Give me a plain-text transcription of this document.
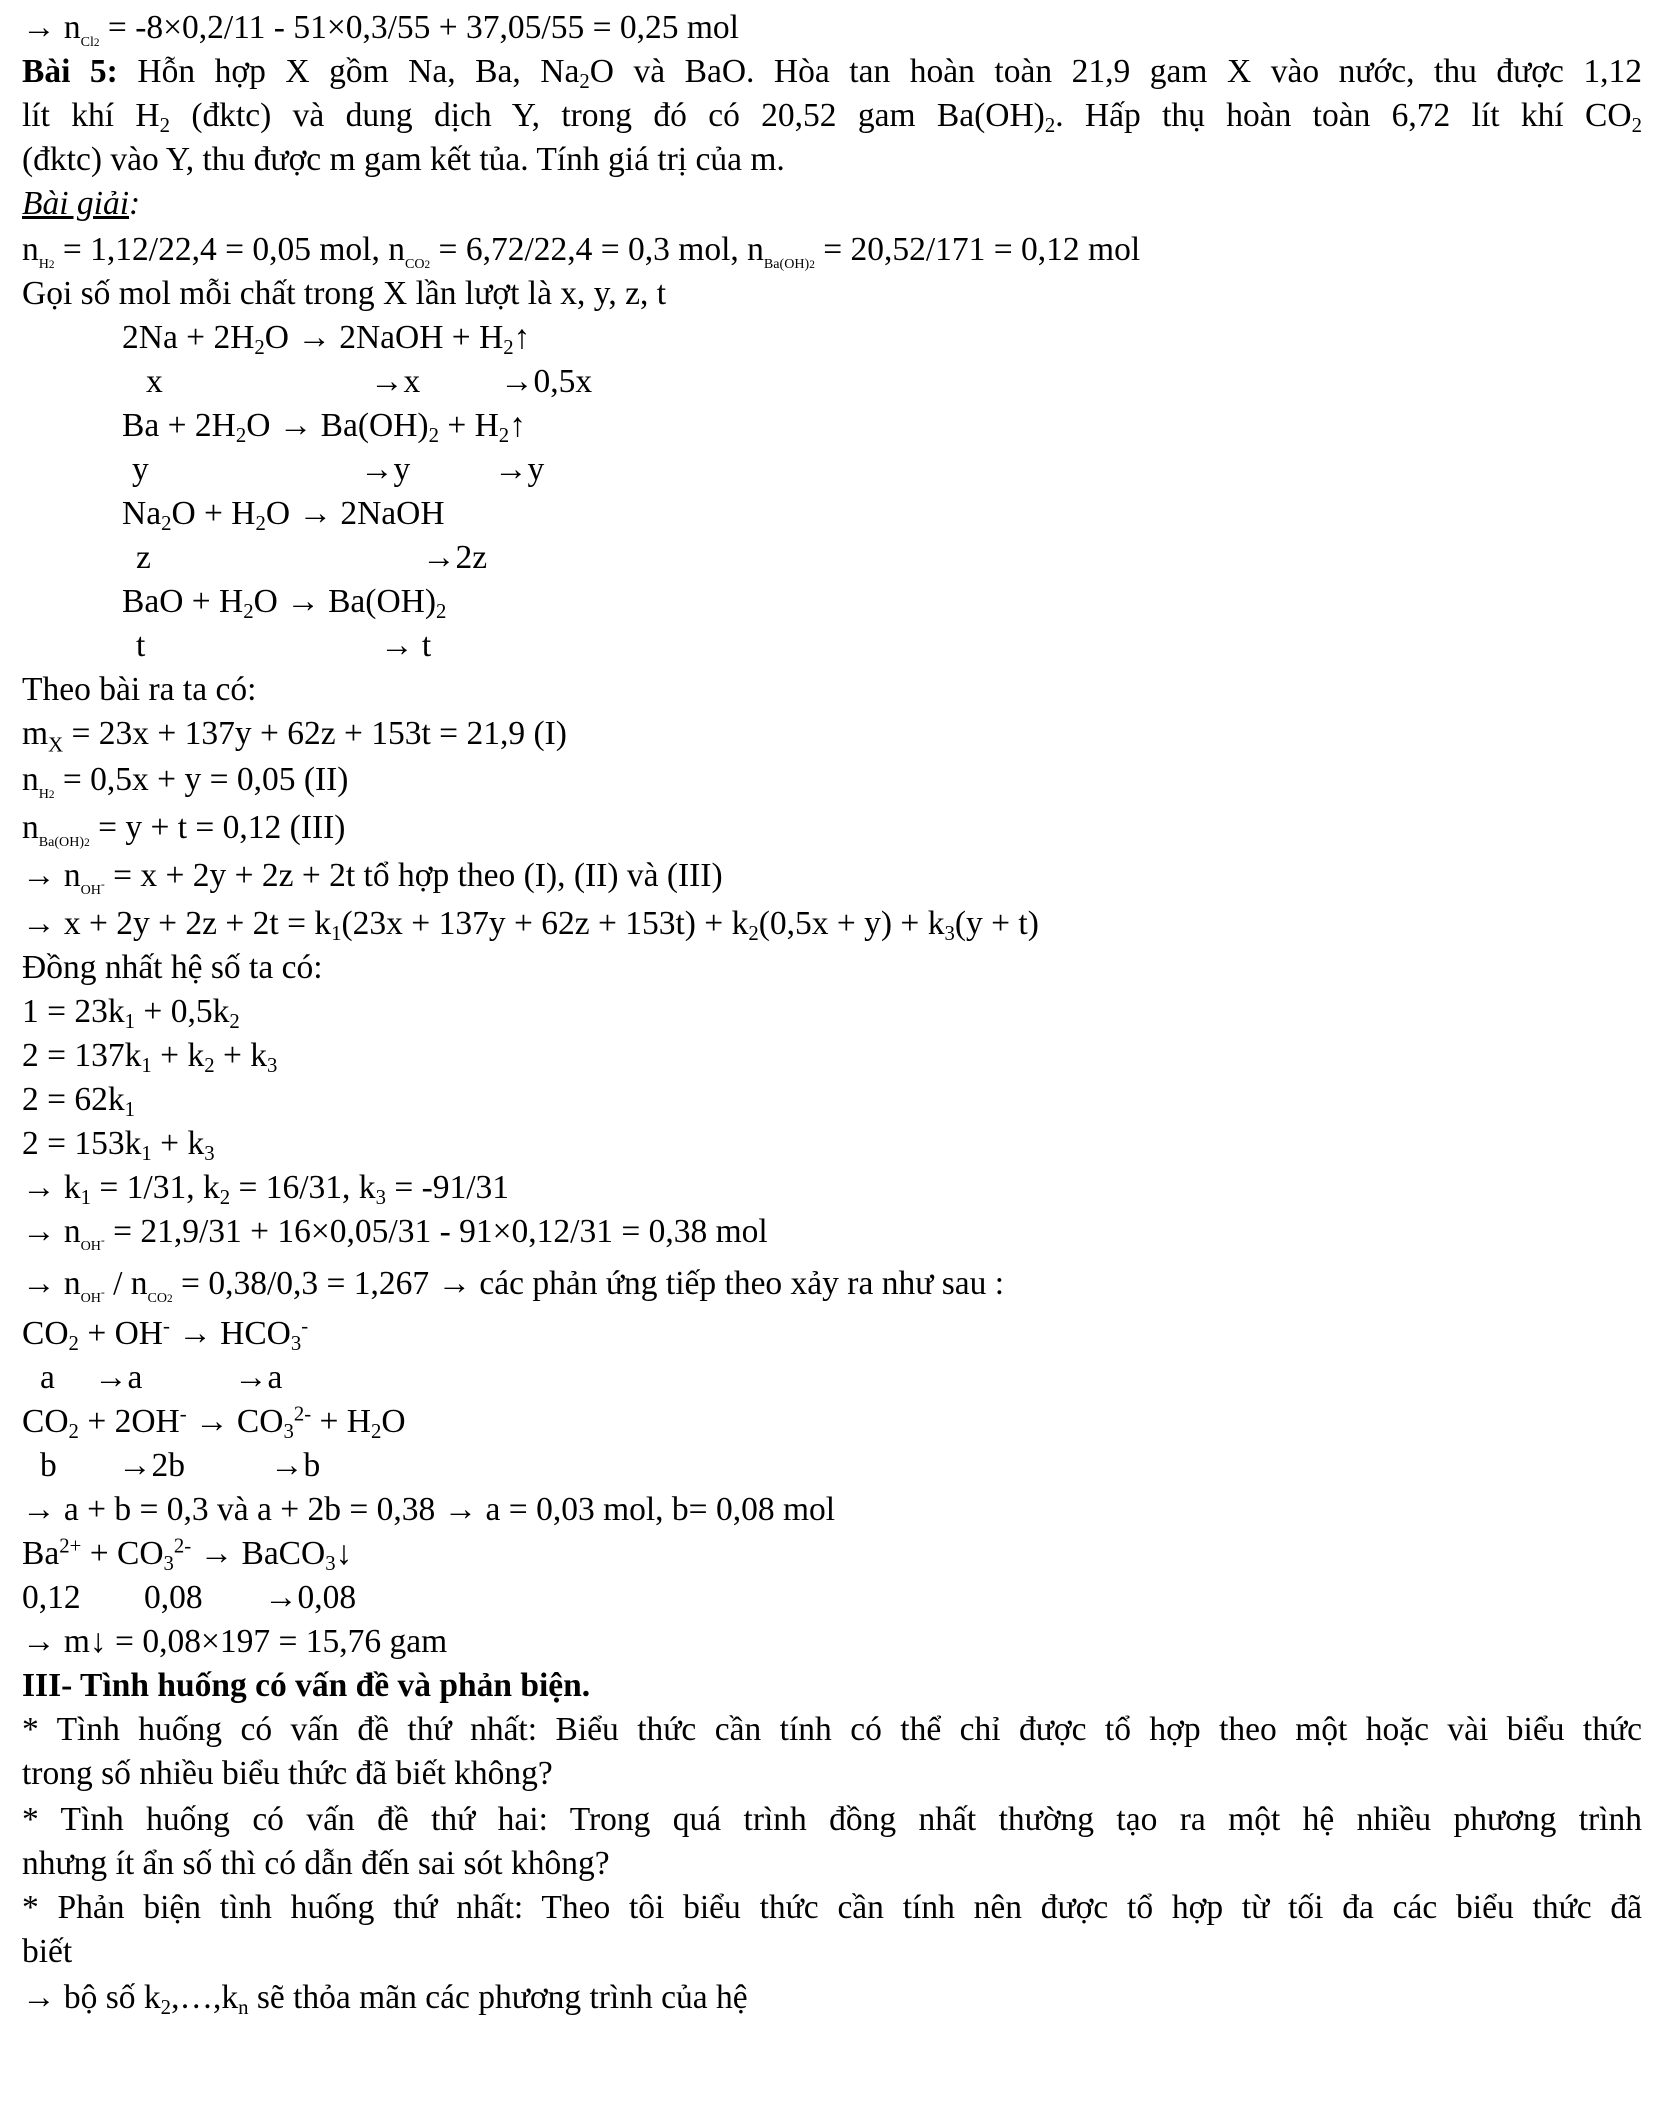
→ $n_{Cl2} = -8\times 0,2/11 - 51\times 0,3/55 + 37,05/55 = 0,25$ mol
Bài 5: Hỗn hợp X gồm Na, Ba, $Na_2O$ và BaO. Hòa tan hoàn toàn 21,9 gam X vào nước, thu được 1,12
lít khí $H_2$ (đktc) và dung dịch Y, trong đó có 20,52 gam $Ba(OH)_2$. Hấp thụ hoàn toàn 6,72 lít khí $CO_2$
(đktc) vào Y, thu được m gam kết tủa. Tính giá trị của m.
Bài giải:
$n_{H2} = 1,12/22,4 = 0,05$ mol, $n_{CO2} = 6,72/22,4 = 0,3$ mol, $n_{Ba(OH)2} = 20,52/171 = 0,12$ mol
Gọi số mol mỗi chất trong X lần lượt là x, y, z, t
$2Na + 2H_2O$ → 2NaOH + $H_2↑$
x	→x →0,5x
$Ba + 2H_2O \to Ba(OH)_2$ + $H_2↑$
y	→y	→y
$Na_2O + H_2O$ → 2NaOH
z	→2z
BaO + $H_2O \to Ba(OH)_2$
t	→ t
Theo bài ra ta có:
$m_X = 23x + 137y + 62z + 153t = 21,9$ (I)
$n_{H2} = 0,5x + y = 0,05$ (II)
$n_{Ba(OH)2} = y + t = 0,12$ (III)
→ $n_{OH^-} = x + 2y + 2z + 2t$ tổ hợp theo (I), (II) và (III)
→ $x + 2y + 2z + 2t = k_1(23x + 137y + 62z + 153t) + k_2(0,5x + y) + k_3(y + t)$
Đồng nhất hệ số ta có:
$1 = 23k_1 + 0,5k_2$
$2 = 137k_1 + k_2 + k_3$
$2 = 62k_1$
$2 = 153k_1 + k_3$
→ $k_1 = 1/31$, $k_2 = 16/31$, $k_3 = -91/31$
→ $n_{OH^-} = 21,9/31 + 16\times 0,05/31 - 91\times 0,12/31 = 0,38$ mol
→ $n_{OH^-} / n_{CO2} = 0,38/0,3 = 1,267$ → các phản ứng tiếp theo xảy ra như sau :
$CO_2 + OH^- \to HCO_3^-$
a →a	→a
$CO_2 + 2OH^- \to CO_3^{2-} + H_2O$
b →2b	→b
→ a + b = 0,3 và a + 2b = 0,38 → a = 0,03 mol, b= 0,08 mol
$Ba^{2+} + CO_3^{2-}$ → BaCO$_3$↓
0,12 0,08 →0,08
→ m↓ = 0,08×197 = 15,76 gam
III- Tình huống có vấn đề và phản biện.
* Tình huống có vấn đề thứ nhất: Biểu thức cần tính có thể chỉ được tổ hợp theo một hoặc vài biểu thức
trong số nhiều biểu thức đã biết không?
* Tình huống có vấn đề thứ hai: Trong quá trình đồng nhất thường tạo ra một hệ nhiều phương trình
nhưng ít ẩn số thì có dẫn đến sai sót không?
* Phản biện tình huống thứ nhất: Theo tôi biểu thức cần tính nên được tổ hợp từ tối đa các biểu thức đã
biết
→ bộ số $k_2,\dots,k_n$ sẽ thỏa mãn các phương trình của hệ
